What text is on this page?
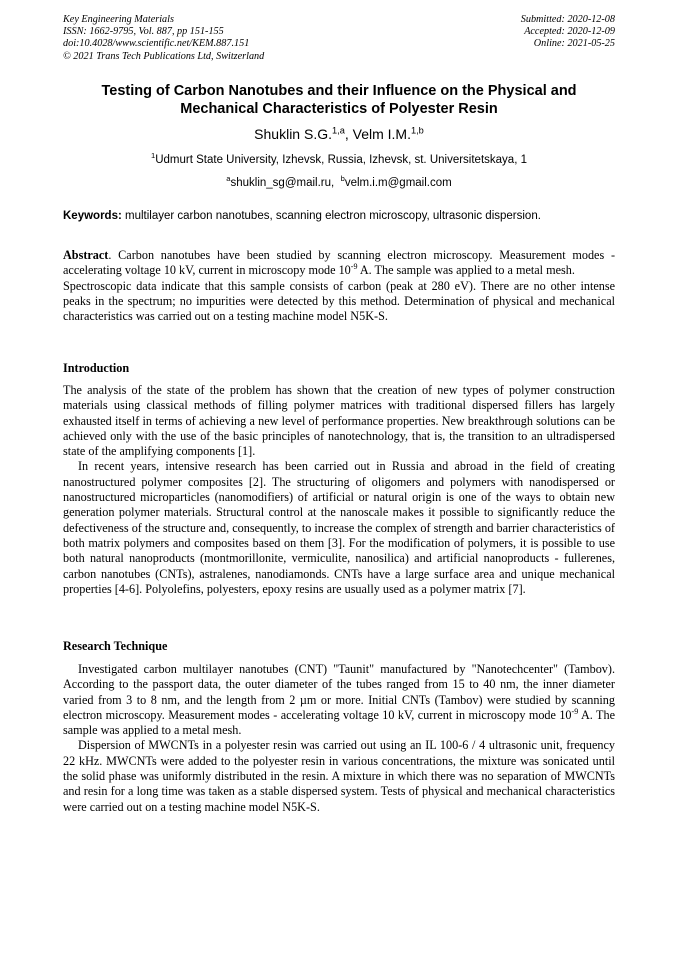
Key Engineering Materials
ISSN: 1662-9795, Vol. 887, pp 151-155
doi:10.4028/www.scientific.net/KEM.887.151
© 2021 Trans Tech Publications Ltd, Switzerland
Submitted: 2020-12-08
Accepted: 2020-12-09
Online: 2021-05-25
Testing of Carbon Nanotubes and their Influence on the Physical and Mechanical Characteristics of Polyester Resin
Shuklin S.G.$^{1,a}$, Velm I.M.$^{1,b}$
$^1$Udmurt State University, Izhevsk, Russia, Izhevsk, st. Universitetskaya, 1
$^a$shuklin_sg@mail.ru,  $^b$velm.i.m@gmail.com
Keywords: multilayer carbon nanotubes, scanning electron microscopy, ultrasonic dispersion.

Abstract. Carbon nanotubes have been studied by scanning electron microscopy. Measurement modes - accelerating voltage 10 kV, current in microscopy mode $10^{-9}$ A. The sample was applied to a metal mesh.

Spectroscopic data indicate that this sample consists of carbon (peak at 280 eV). There are no other intense peaks in the spectrum; no impurities were detected by this method. Determination of physical and mechanical characteristics was carried out on a testing machine model N5K-S.

Introduction

The analysis of the state of the problem has shown that the creation of new types of polymer construction materials using classical methods of filling polymer matrices with traditional dispersed fillers has largely exhausted itself in terms of achieving a new level of performance properties. New breakthrough solutions can be achieved only with the use of the basic principles of nanotechnology, that is, the transition to an ultradispersed state of the amplifying components [1].

In recent years, intensive research has been carried out in Russia and abroad in the field of creating nanostructured polymer composites [2]. The structuring of oligomers and polymers with nanodispersed or nanostructured microparticles (nanomodifiers) of artificial or natural origin is one of the ways to obtain new generation polymer materials. Structural control at the nanoscale makes it possible to significantly reduce the defectiveness of the structure and, consequently, to increase the complex of strength and barrier characteristics of both matrix polymers and composites based on them [3]. For the modification of polymers, it is possible to use both natural nanoproducts (montmorillonite, vermiculite, nanosilica) and artificial nanoproducts - fullerenes, carbon nanotubes (CNTs), astralenes, nanodiamonds. CNTs have a large surface area and unique mechanical properties [4-6]. Polyolefins, polyesters, epoxy resins are usually used as a polymer matrix [7].

Research Technique

Investigated carbon multilayer nanotubes (CNT) "Taunit" manufactured by "Nanotechcenter" (Tambov). According to the passport data, the outer diameter of the tubes ranged from 15 to 40 nm, the inner diameter varied from 3 to 8 nm, and the length from 2 µm or more. Initial CNTs (Tambov) were studied by scanning electron microscopy. Measurement modes - accelerating voltage 10 kV, current in microscopy mode $10^{-9}$ A. The sample was applied to a metal mesh.

Dispersion of MWCNTs in a polyester resin was carried out using an IL 100-6 / 4 ultrasonic unit, frequency 22 kHz. MWCNTs were added to the polyester resin in various concentrations, the mixture was sonicated until the solid phase was uniformly distributed in the resin. A mixture in which there was no separation of MWCNTs and resin for a long time was taken as a stable dispersed system. Tests of physical and mechanical characteristics were carried out on a testing machine model N5K-S.
